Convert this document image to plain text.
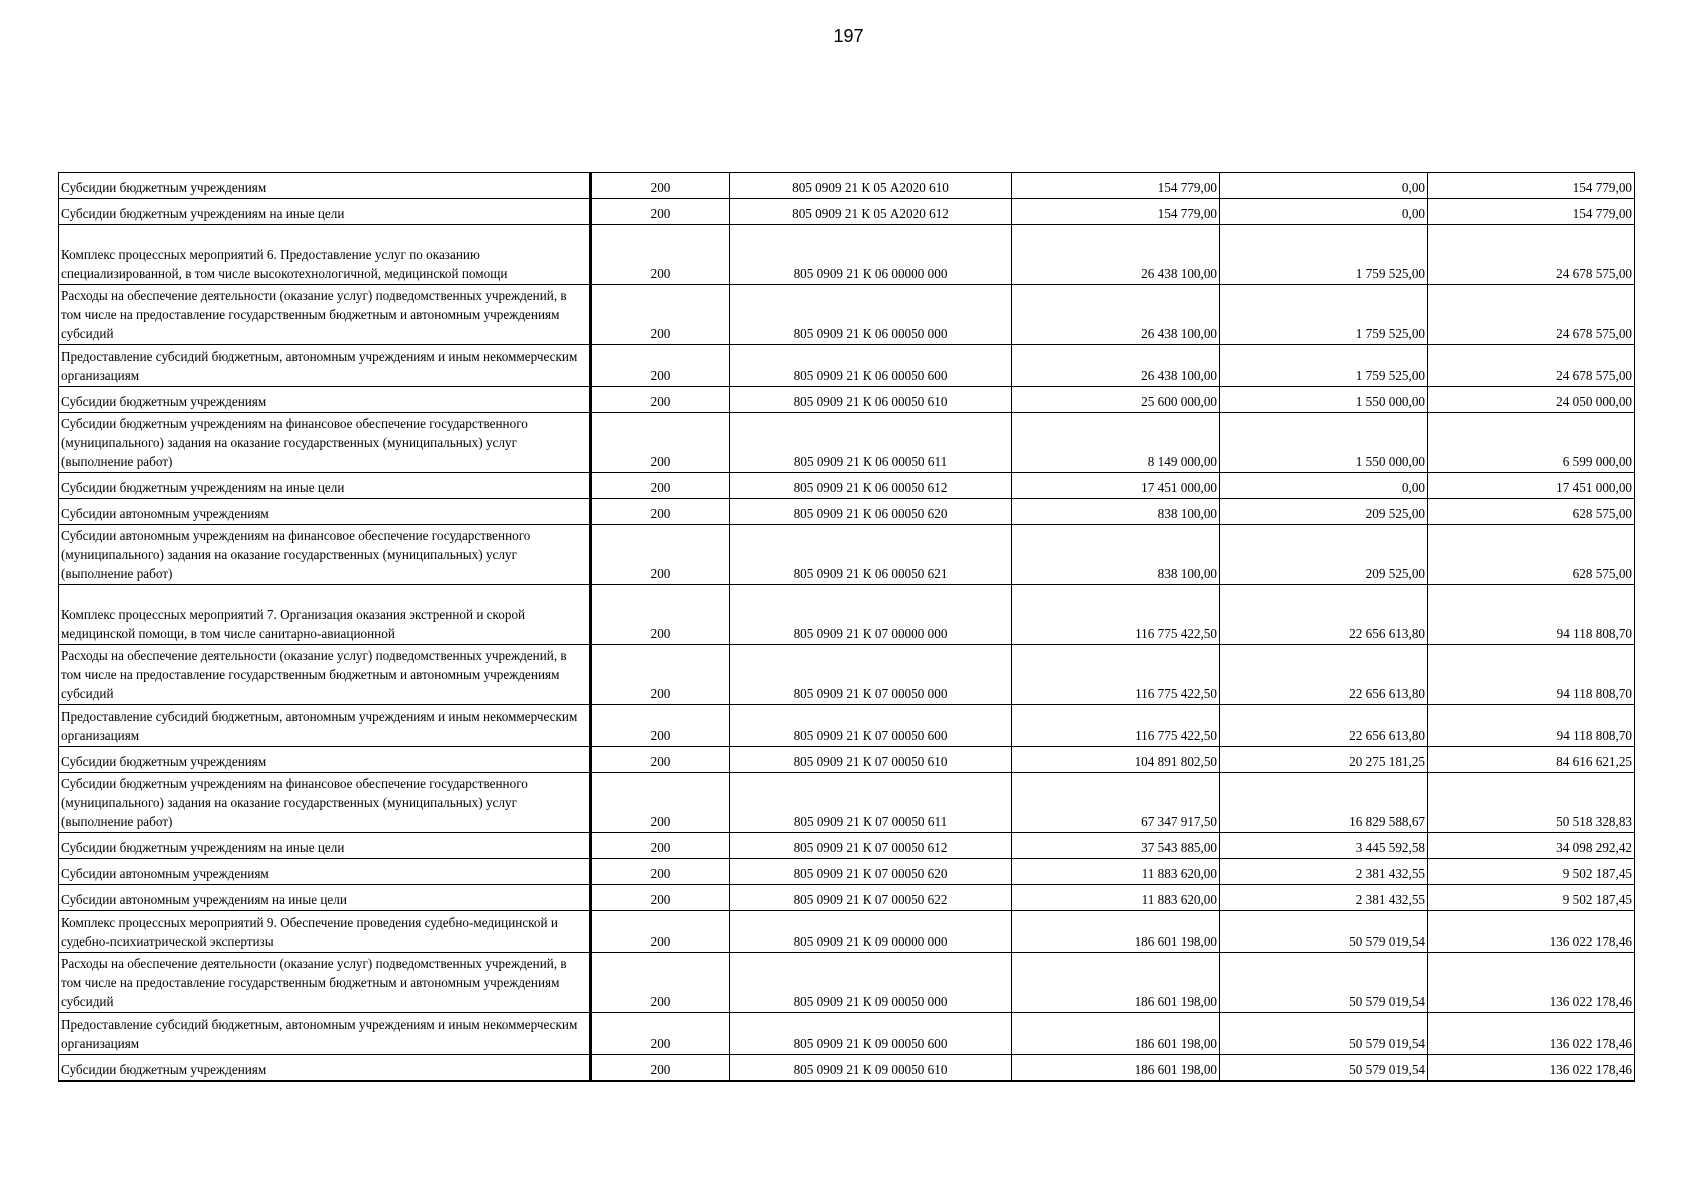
197
Субсидии бюджетным учреждениям	200	805 0909 21 К 05 А2020 610	154 779,00	0,00	154 779,00

Субсидии бюджетным учреждениям на иные цели	200	805 0909 21 К 05 А2020 612	154 779,00	0,00	154 779,00

Комплекс процессных мероприятий 6. Предоставление услуг по оказанию специализированной, в том числе высокотехнологичной, медицинской помощи	200	805 0909 21 К 06 00000 000	26 438 100,00	1 759 525,00	24 678 575,00

Расходы на обеспечение деятельности (оказание услуг) подведомственных учреждений, в том числе на предоставление государственным бюджетным и автономным учреждениям субсидий	200	805 0909 21 К 06 00050 000	26 438 100,00	1 759 525,00	24 678 575,00

Предоставление субсидий бюджетным, автономным учреждениям и иным некоммерческим организациям	200	805 0909 21 К 06 00050 600	26 438 100,00	1 759 525,00	24 678 575,00

Субсидии бюджетным учреждениям	200	805 0909 21 К 06 00050 610	25 600 000,00	1 550 000,00	24 050 000,00

Субсидии бюджетным учреждениям на финансовое обеспечение государственного (муниципального) задания на оказание государственных (муниципальных) услуг (выполнение работ)	200	805 0909 21 К 06 00050 611	8 149 000,00	1 550 000,00	6 599 000,00

Субсидии бюджетным учреждениям на иные цели	200	805 0909 21 К 06 00050 612	17 451 000,00	0,00	17 451 000,00

Субсидии автономным учреждениям	200	805 0909 21 К 06 00050 620	838 100,00	209 525,00	628 575,00

Субсидии автономным учреждениям на финансовое обеспечение государственного (муниципального) задания на оказание государственных (муниципальных) услуг (выполнение работ)	200	805 0909 21 К 06 00050 621	838 100,00	209 525,00	628 575,00

Комплекс процессных мероприятий 7. Организация оказания экстренной и скорой медицинской помощи, в том числе санитарно-авиационной	200	805 0909 21 К 07 00000 000	116 775 422,50	22 656 613,80	94 118 808,70

Расходы на обеспечение деятельности (оказание услуг) подведомственных учреждений, в том числе на предоставление государственным бюджетным и автономным учреждениям субсидий	200	805 0909 21 К 07 00050 000	116 775 422,50	22 656 613,80	94 118 808,70

Предоставление субсидий бюджетным, автономным учреждениям и иным некоммерческим организациям	200	805 0909 21 К 07 00050 600	116 775 422,50	22 656 613,80	94 118 808,70

Субсидии бюджетным учреждениям	200	805 0909 21 К 07 00050 610	104 891 802,50	20 275 181,25	84 616 621,25

Субсидии бюджетным учреждениям на финансовое обеспечение государственного (муниципального) задания на оказание государственных (муниципальных) услуг (выполнение работ)	200	805 0909 21 К 07 00050 611	67 347 917,50	16 829 588,67	50 518 328,83

Субсидии бюджетным учреждениям на иные цели	200	805 0909 21 К 07 00050 612	37 543 885,00	3 445 592,58	34 098 292,42

Субсидии автономным учреждениям	200	805 0909 21 К 07 00050 620	11 883 620,00	2 381 432,55	9 502 187,45

Субсидии автономным учреждениям на иные цели	200	805 0909 21 К 07 00050 622	11 883 620,00	2 381 432,55	9 502 187,45

Комплекс процессных мероприятий 9. Обеспечение проведения судебно-медицинской и судебно-психиатрической экспертизы	200	805 0909 21 К 09 00000 000	186 601 198,00	50 579 019,54	136 022 178,46

Расходы на обеспечение деятельности (оказание услуг) подведомственных учреждений, в том числе на предоставление государственным бюджетным и автономным учреждениям субсидий	200	805 0909 21 К 09 00050 000	186 601 198,00	50 579 019,54	136 022 178,46

Предоставление субсидий бюджетным, автономным учреждениям и иным некоммерческим организациям	200	805 0909 21 К 09 00050 600	186 601 198,00	50 579 019,54	136 022 178,46

Субсидии бюджетным учреждениям	200	805 0909 21 К 09 00050 610	186 601 198,00	50 579 019,54	136 022 178,46
